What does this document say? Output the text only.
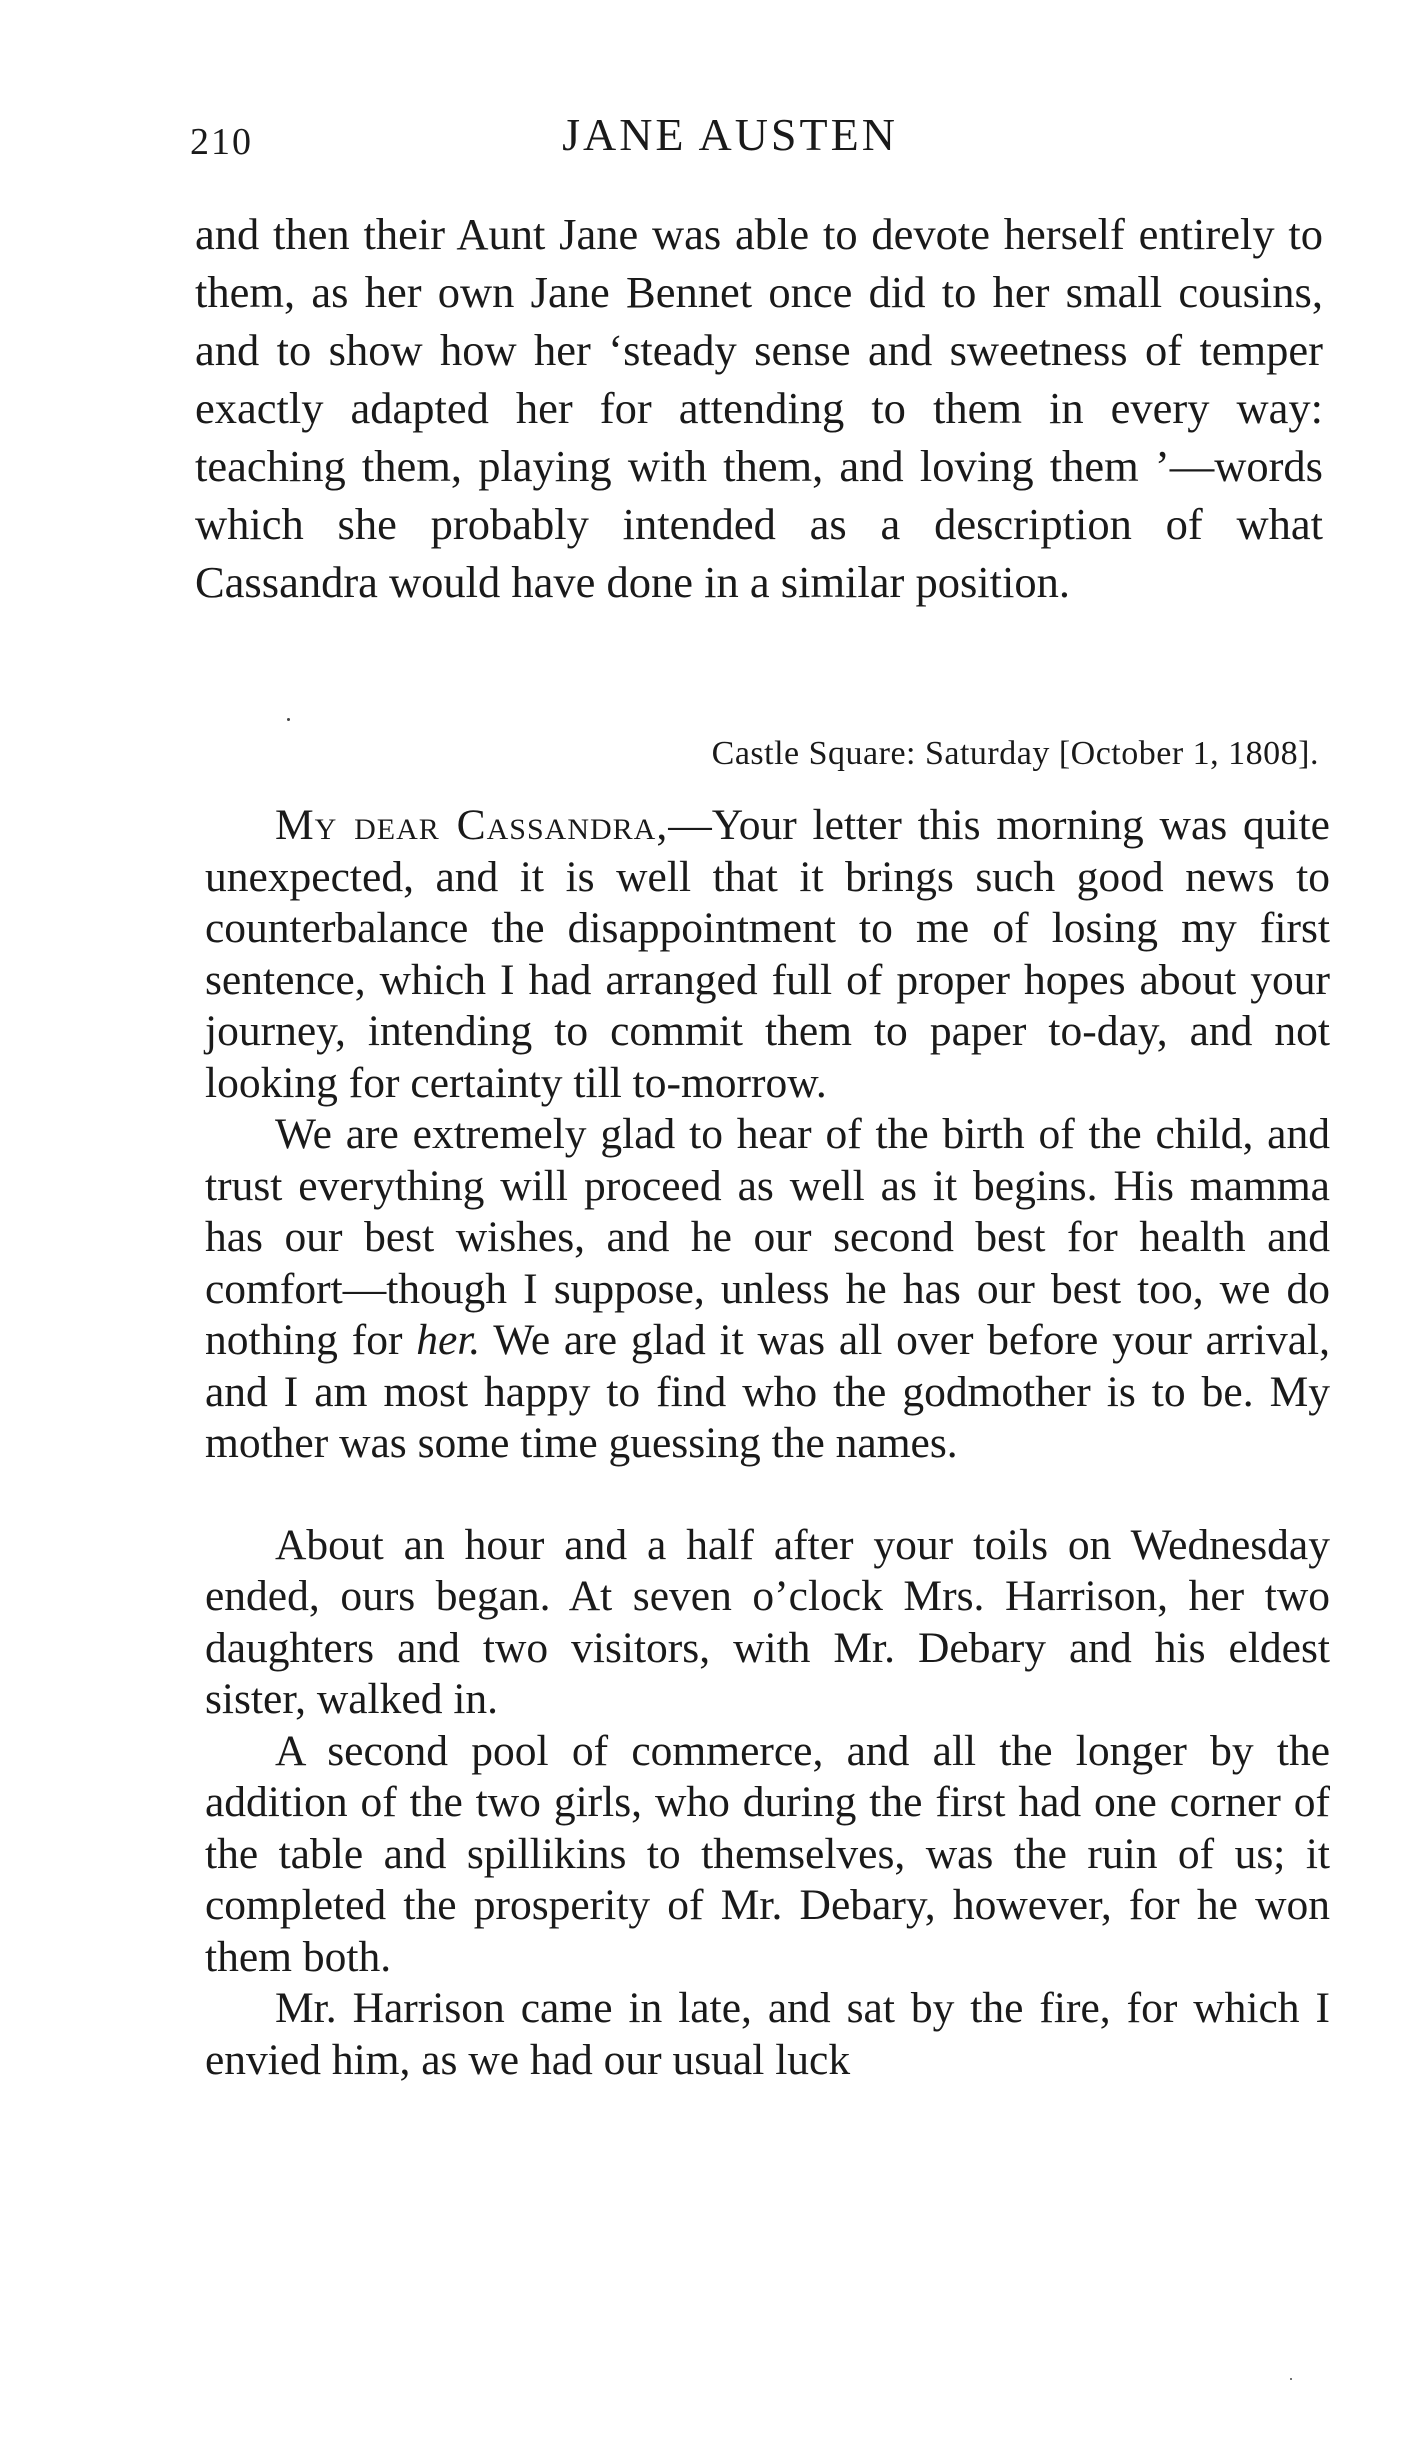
210	JANE AUSTEN

and then their Aunt Jane was able to devote herself entirely to them, as her own Jane Bennet once did to her small cousins, and to show how her ‘steady sense and sweetness of temper exactly adapted her for attending to them in every way: teaching them, playing with them, and loving them ’—words which she probably intended as a description of what Cassandra would have done in a similar position.

Castle Square: Saturday [October 1, 1808].

My dear Cassandra,—Your letter this morning was quite unexpected, and it is well that it brings such good news to counterbalance the disappointment to me of losing my first sentence, which I had arranged full of proper hopes about your journey, intending to commit them to paper to-day, and not looking for certainty till to-morrow.

We are extremely glad to hear of the birth of the child, and trust everything will proceed as well as it begins. His mamma has our best wishes, and he our second best for health and comfort—though I suppose, unless he has our best too, we do nothing for her. We are glad it was all over before your arrival, and I am most happy to find who the godmother is to be. My mother was some time guessing the names.

About an hour and a half after your toils on Wednesday ended, ours began. At seven o’clock Mrs. Harrison, her two daughters and two visitors, with Mr. Debary and his eldest sister, walked in.

A second pool of commerce, and all the longer by the addition of the two girls, who during the first had one corner of the table and spillikins to themselves, was the ruin of us; it completed the prosperity of Mr. Debary, however, for he won them both.

Mr. Harrison came in late, and sat by the fire, for which I envied him, as we had our usual luck
